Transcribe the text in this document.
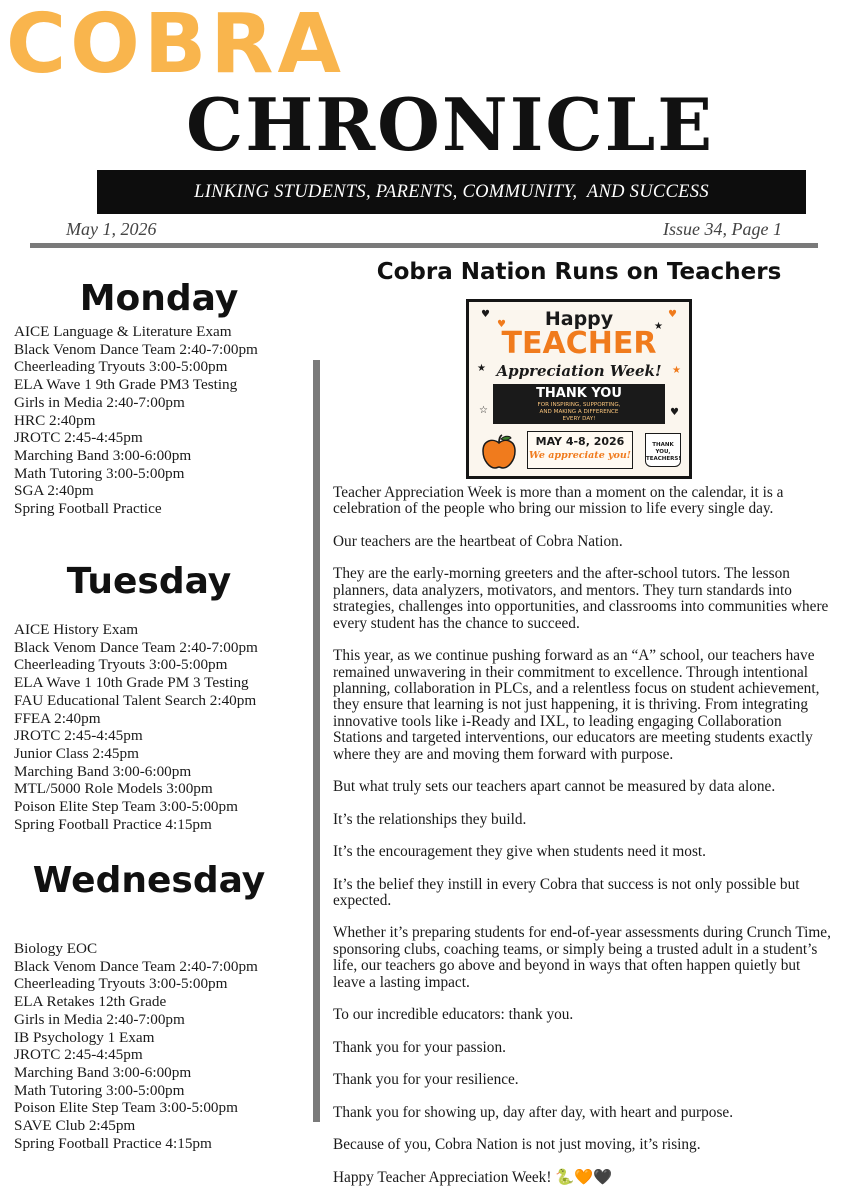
COBRA
CHRONICLE
LINKING STUDENTS, PARENTS, COMMUNITY,  AND SUCCESS
May 1, 2026	Issue 34, Page 1
Monday
AICE Language & Literature Exam
Black Venom Dance Team 2:40-7:00pm
Cheerleading Tryouts 3:00-5:00pm
ELA Wave 1 9th Grade PM3 Testing
Girls in Media 2:40-7:00pm
HRC 2:40pm
JROTC 2:45-4:45pm
Marching Band 3:00-6:00pm
Math Tutoring 3:00-5:00pm
SGA 2:40pm
Spring Football Practice
Tuesday
AICE History Exam
Black Venom Dance Team 2:40-7:00pm
Cheerleading Tryouts 3:00-5:00pm
ELA Wave 1 10th Grade PM 3 Testing
FAU Educational Talent Search 2:40pm
FFEA 2:40pm
JROTC 2:45-4:45pm
Junior Class 2:45pm
Marching Band 3:00-6:00pm
MTL/5000 Role Models 3:00pm
Poison Elite Step Team 3:00-5:00pm
Spring Football Practice 4:15pm
Wednesday
Biology EOC
Black Venom Dance Team 2:40-7:00pm
Cheerleading Tryouts 3:00-5:00pm
ELA Retakes 12th Grade
Girls in Media 2:40-7:00pm
IB Psychology 1 Exam
JROTC 2:45-4:45pm
Marching Band 3:00-6:00pm
Math Tutoring 3:00-5:00pm
Poison Elite Step Team 3:00-5:00pm
SAVE Club 2:45pm
Spring Football Practice 4:15pm
Cobra Nation Runs on Teachers
♥
♥
♥
★
★	★
☆	♥
Happy
TEACHER
Appreciation Week!
THANK YOU
FOR INSPIRING, SUPPORTING,
AND MAKING A DIFFERENCE
EVERY DAY!
MAY 4-8, 2026
We appreciate you!
THANK
YOU,
TEACHERS!

Teacher Appreciation Week is more than a moment on the calendar, it is a celebration of the people who bring our mission to life every single day.

Our teachers are the heartbeat of Cobra Nation.

They are the early-morning greeters and the after-school tutors. The lesson planners, data analyzers, motivators, and mentors. They turn standards into strategies, challenges into opportunities, and classrooms into communities where every student has the chance to succeed.

This year, as we continue pushing forward as an “A” school, our teachers have remained unwavering in their commitment to excellence. Through intentional planning, collaboration in PLCs, and a relentless focus on student achievement, they ensure that learning is not just happening, it is thriving. From integrating innovative tools like i-Ready and IXL, to leading engaging Collaboration Stations and targeted interventions, our educators are meeting students exactly where they are and moving them forward with purpose.

But what truly sets our teachers apart cannot be measured by data alone.

It’s the relationships they build.

It’s the encouragement they give when students need it most.

It’s the belief they instill in every Cobra that success is not only possible but expected.

Whether it’s preparing students for end-of-year assessments during Crunch Time, sponsoring clubs, coaching teams, or simply being a trusted adult in a student’s life, our teachers go above and beyond in ways that often happen quietly but leave a lasting impact.

To our incredible educators: thank you.

Thank you for your passion.

Thank you for your resilience.

Thank you for showing up, day after day, with heart and purpose.

Because of you, Cobra Nation is not just moving, it’s rising.

Happy Teacher Appreciation Week! 🐍🧡🖤
